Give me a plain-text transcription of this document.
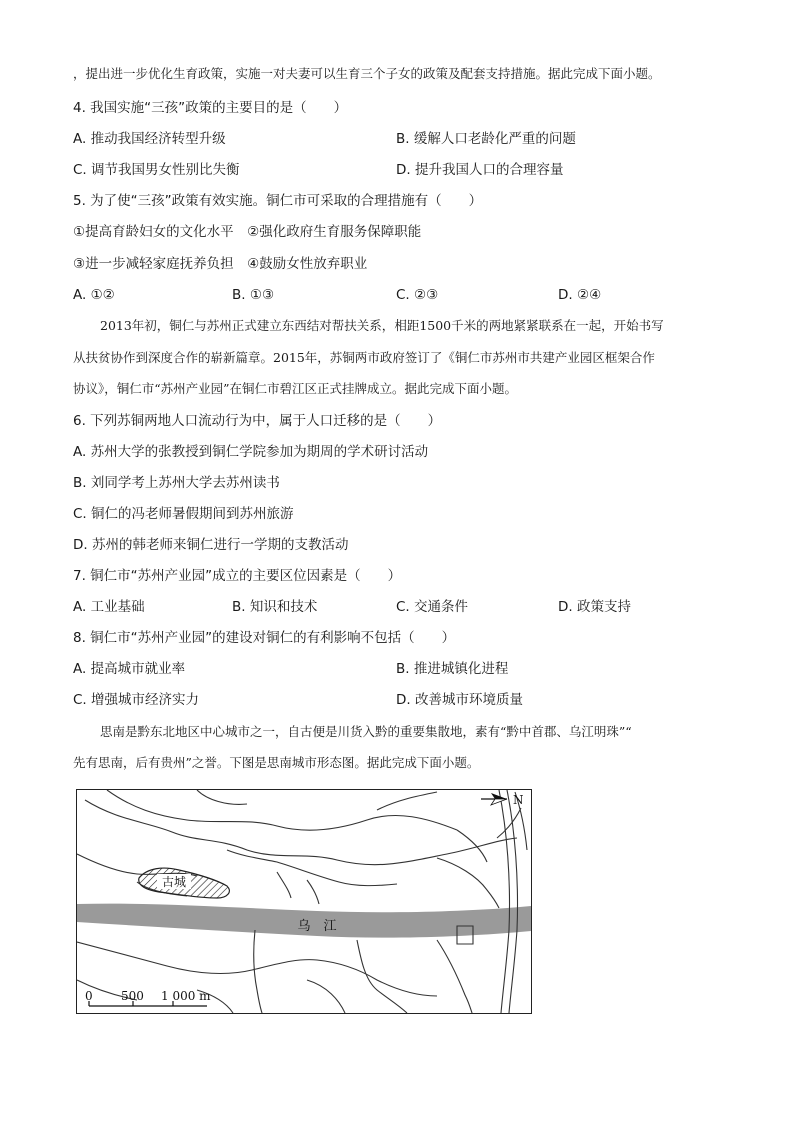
，提出进一步优化生育政策，实施一对夫妻可以生育三个子女的政策及配套支持措施。据此完成下面小题。
4. 我国实施“三孩”政策的主要目的是（　　）
A. 推动我国经济转型升级	B. 缓解人口老龄化严重的问题
C. 调节我国男女性别比失衡	D. 提升我国人口的合理容量
5. 为了使“三孩”政策有效实施。铜仁市可采取的合理措施有（　　）
①提高育龄妇女的文化水平　②强化政府生育服务保障职能
③进一步减轻家庭抚养负担　④鼓励女性放弃职业
A. ①②	B. ①③	C. ②③	D. ②④
2013年初，铜仁与苏州正式建立东西结对帮扶关系，相距1500千米的两地紧紧联系在一起，开始书写
从扶贫协作到深度合作的崭新篇章。2015年，苏铜两市政府签订了《铜仁市苏州市共建产业园区框架合作
协议》，铜仁市“苏州产业园”在铜仁市碧江区正式挂牌成立。据此完成下面小题。
6. 下列苏铜两地人口流动行为中，属于人口迁移的是（　　）
A. 苏州大学的张教授到铜仁学院参加为期周的学术研讨活动
B. 刘同学考上苏州大学去苏州读书
C. 铜仁的冯老师暑假期间到苏州旅游
D. 苏州的韩老师来铜仁进行一学期的支教活动
7. 铜仁市“苏州产业园”成立的主要区位因素是（　　）
A. 工业基础	B. 知识和技术	C. 交通条件	D. 政策支持
8. 铜仁市“苏州产业园”的建设对铜仁的有利影响不包括（　　）
A. 提高城市就业率	B. 推进城镇化进程
C. 增强城市经济实力	D. 改善城市环境质量
思南是黔东北地区中心城市之一，自古便是川货入黔的重要集散地，素有“黔中首郡、乌江明珠”“
先有思南，后有贵州”之誉。下图是思南城市形态图。据此完成下面小题。
古城
乌　江
N
0 500 1 000 m
